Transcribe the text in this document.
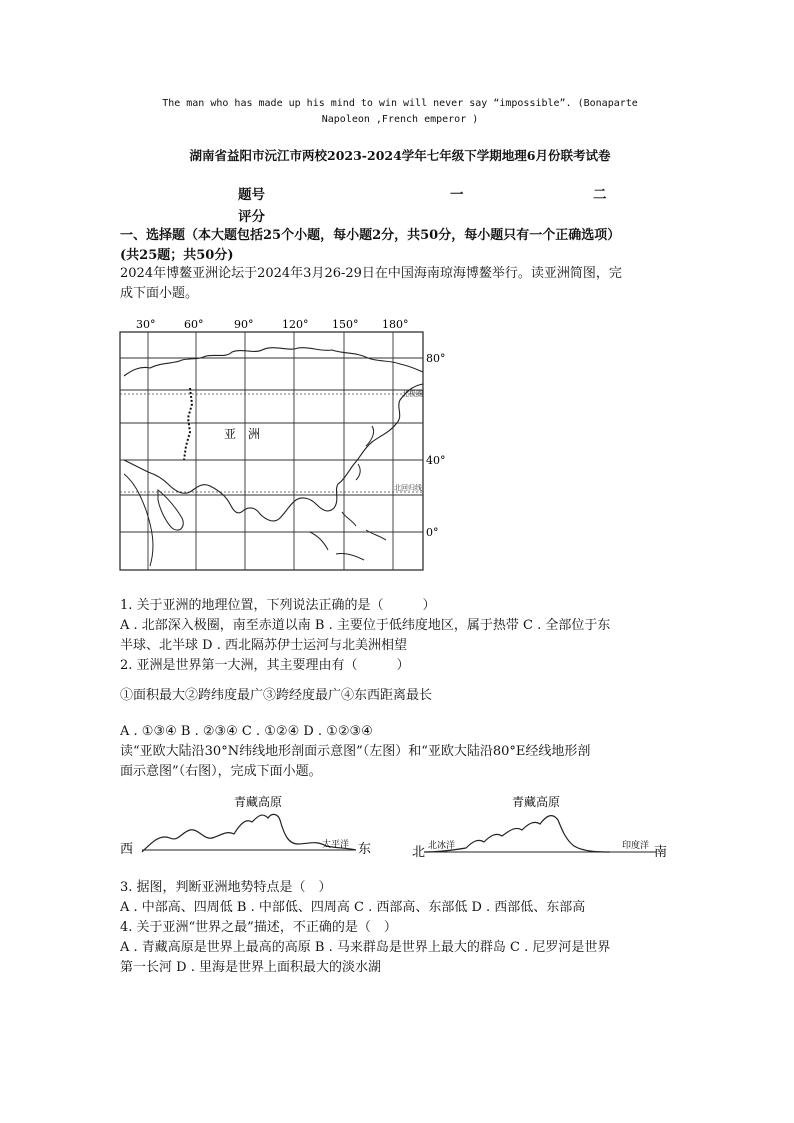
The man who has made up his mind to win will never say “impossible”. (Bonaparte
Napoleon ,French emperor )
湖南省益阳市沅江市两校2023-2024学年七年级下学期地理6月份联考试卷
题号	一	二
评分		
一、选择题（本大题包括25个小题，每小题2分，共50分，每小题只有一个正确选项）
(共25题；共50分)
2024年博鳌亚洲论坛于2024年3月26-29日在中国海南琼海博鳌举行。读亚洲简图，完
成下面小题。
30°	60°	90°	120° 150° 180°
北极圈
北回归线
80°
40°
0°
亚　洲
1. 关于亚洲的地理位置，下列说法正确的是（　　　）
A . 北部深入极圈，南至赤道以南 B . 主要位于低纬度地区，属于热带 C . 全部位于东
半球、北半球 D . 西北隔苏伊士运河与北美洲相望
2. 亚洲是世界第一大洲，其主要理由有（　　　）
①面积最大②跨纬度最广③跨经度最广④东西距离最长
A . ①③④ B . ②③④ C . ①②④ D . ①②③④
读“亚欧大陆沿30°N纬线地形剖面示意图”（左图）和“亚欧大陆沿80°E经线地形剖
面示意图”（右图），完成下面小题。
青藏高原
西	太平洋 东
青藏高原
北 北冰洋	印度洋 南
3. 据图，判断亚洲地势特点是（　）
A . 中部高、四周低 B . 中部低、四周高 C . 西部高、东部低 D . 西部低、东部高
4. 关于亚洲“世界之最”描述，不正确的是（　）
A . 青藏高原是世界上最高的高原 B . 马来群岛是世界上最大的群岛 C . 尼罗河是世界
第一长河 D . 里海是世界上面积最大的淡水湖
